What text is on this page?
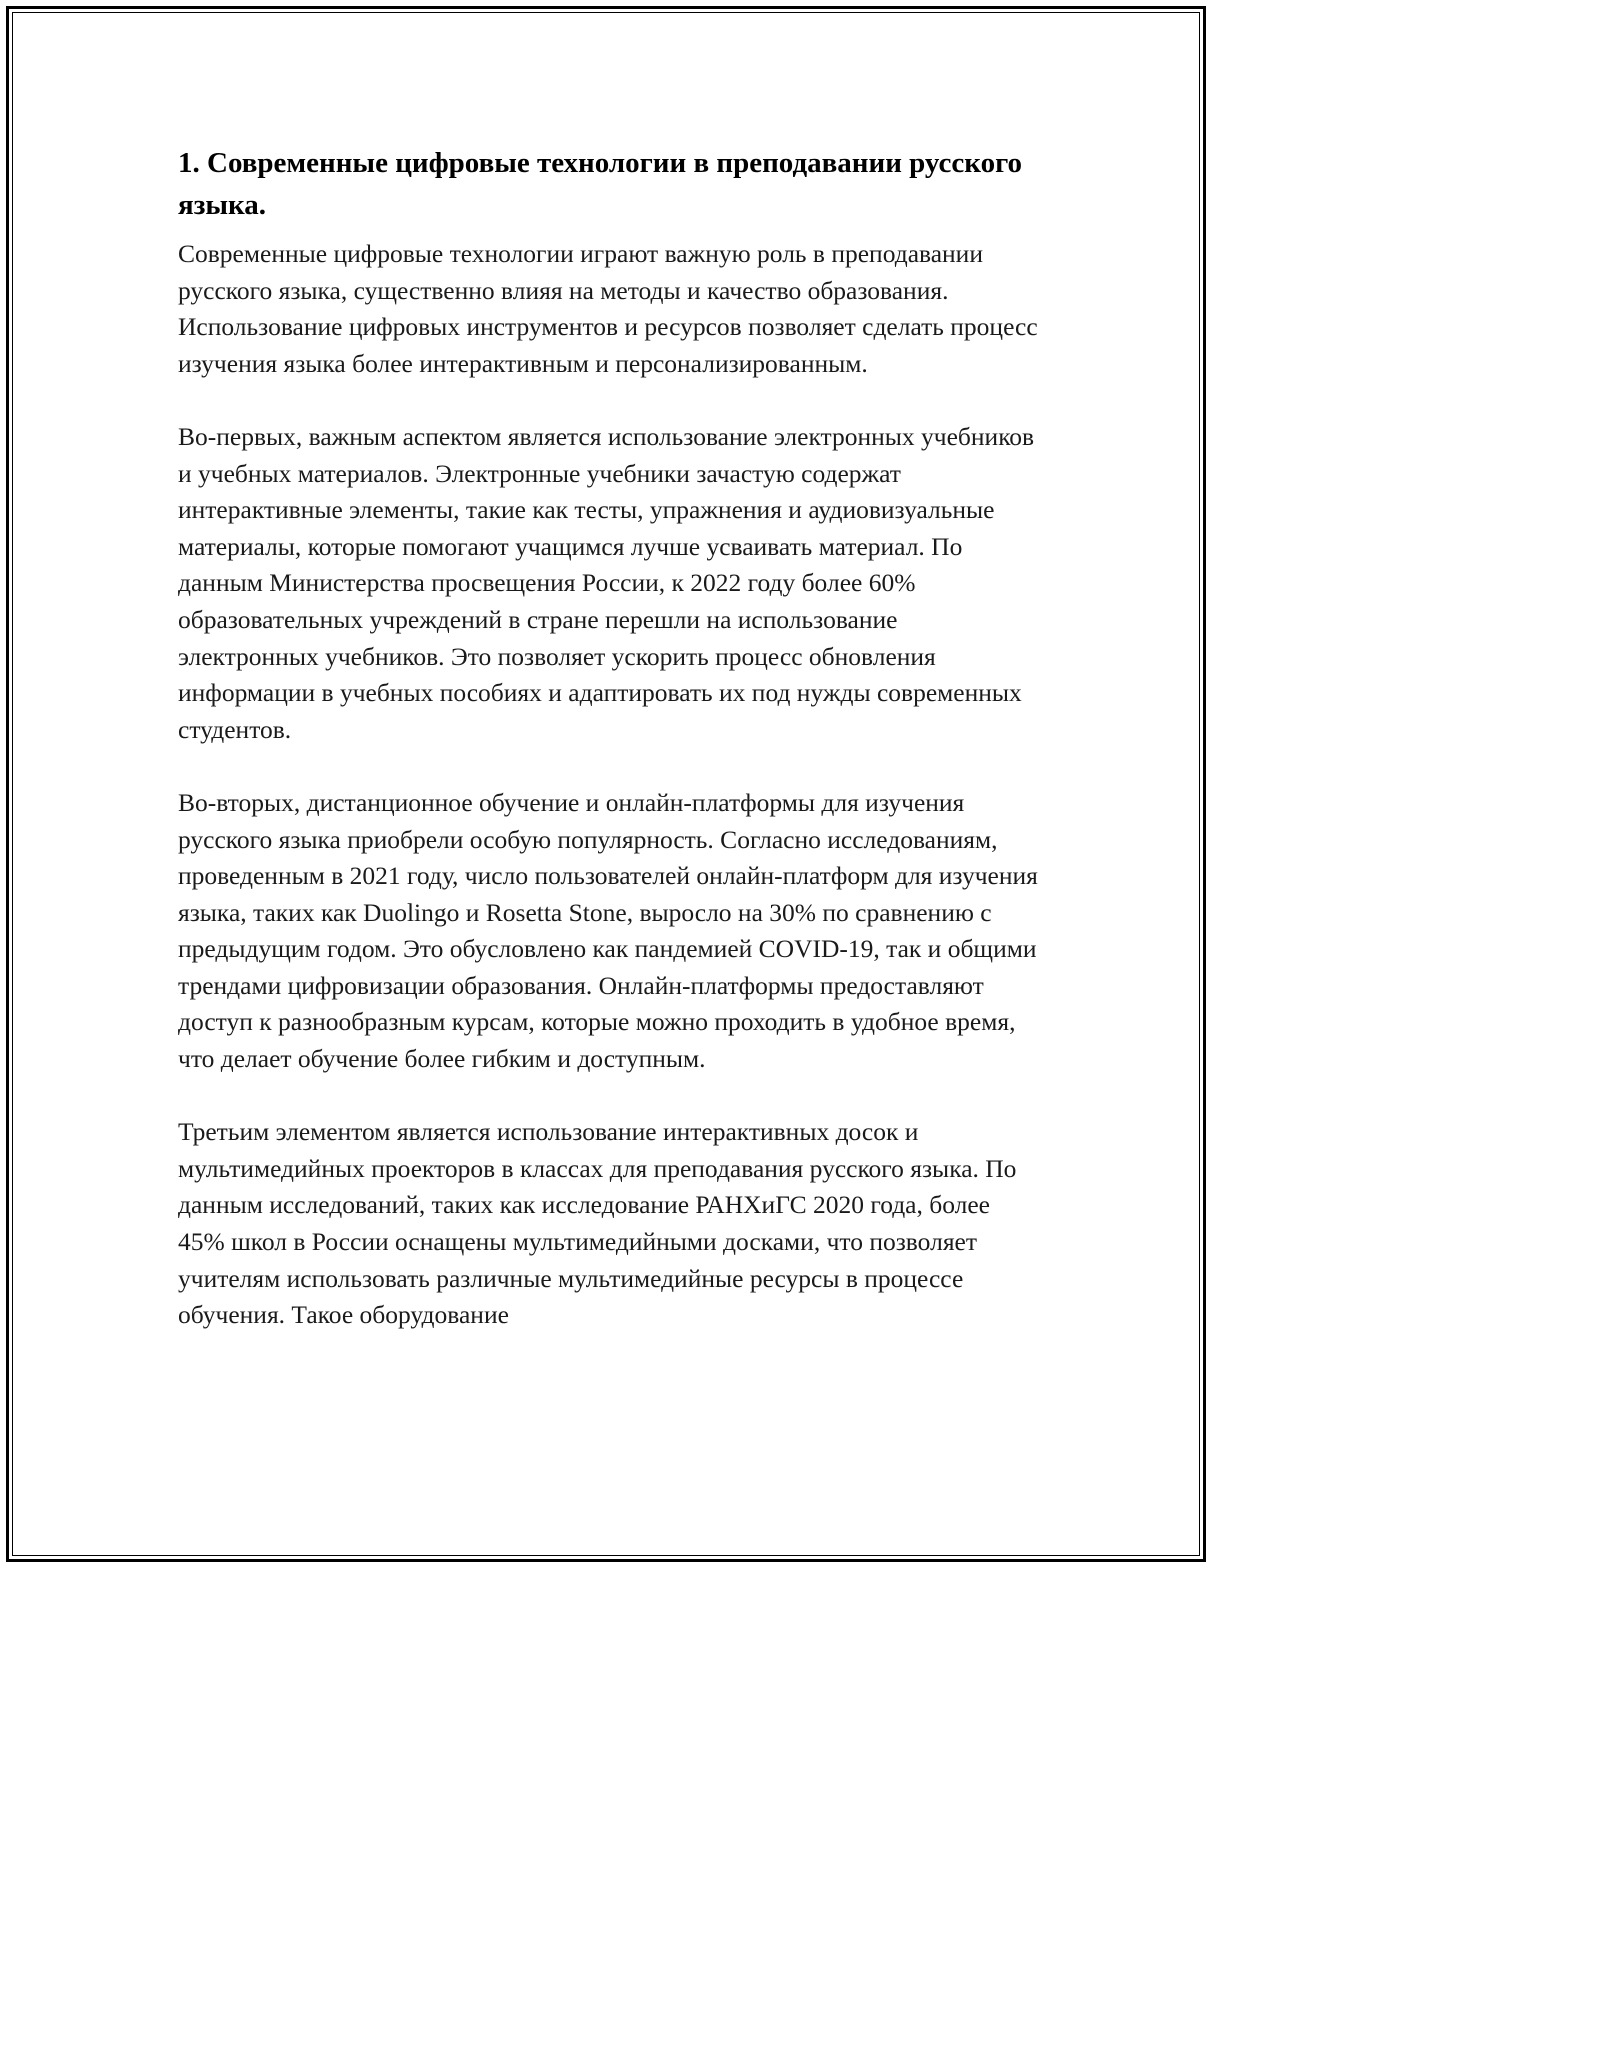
1. Современные цифровые технологии в преподавании русского языка.

Современные цифровые технологии играют важную роль в преподавании русского языка, существенно влияя на методы и качество образования. Использование цифровых инструментов и ресурсов позволяет сделать процесс изучения языка более интерактивным и персонализированным.

Во-первых, важным аспектом является использование электронных учебников и учебных материалов. Электронные учебники зачастую содержат интерактивные элементы, такие как тесты, упражнения и аудиовизуальные материалы, которые помогают учащимся лучше усваивать материал. По данным Министерства просвещения России, к 2022 году более 60% образовательных учреждений в стране перешли на использование электронных учебников. Это позволяет ускорить процесс обновления информации в учебных пособиях и адаптировать их под нужды современных студентов.

Во-вторых, дистанционное обучение и онлайн-платформы для изучения русского языка приобрели особую популярность. Согласно исследованиям, проведенным в 2021 году, число пользователей онлайн-платформ для изучения языка, таких как Duolingo и Rosetta Stone, выросло на 30% по сравнению с предыдущим годом. Это обусловлено как пандемией COVID-19, так и общими трендами цифровизации образования. Онлайн-платформы предоставляют доступ к разнообразным курсам, которые можно проходить в удобное время, что делает обучение более гибким и доступным.

Третьим элементом является использование интерактивных досок и мультимедийных проекторов в классах для преподавания русского языка. По данным исследований, таких как исследование РАНХиГС 2020 года, более 45% школ в России оснащены мультимедийными досками, что позволяет учителям использовать различные мультимедийные ресурсы в процессе обучения. Такое оборудование
